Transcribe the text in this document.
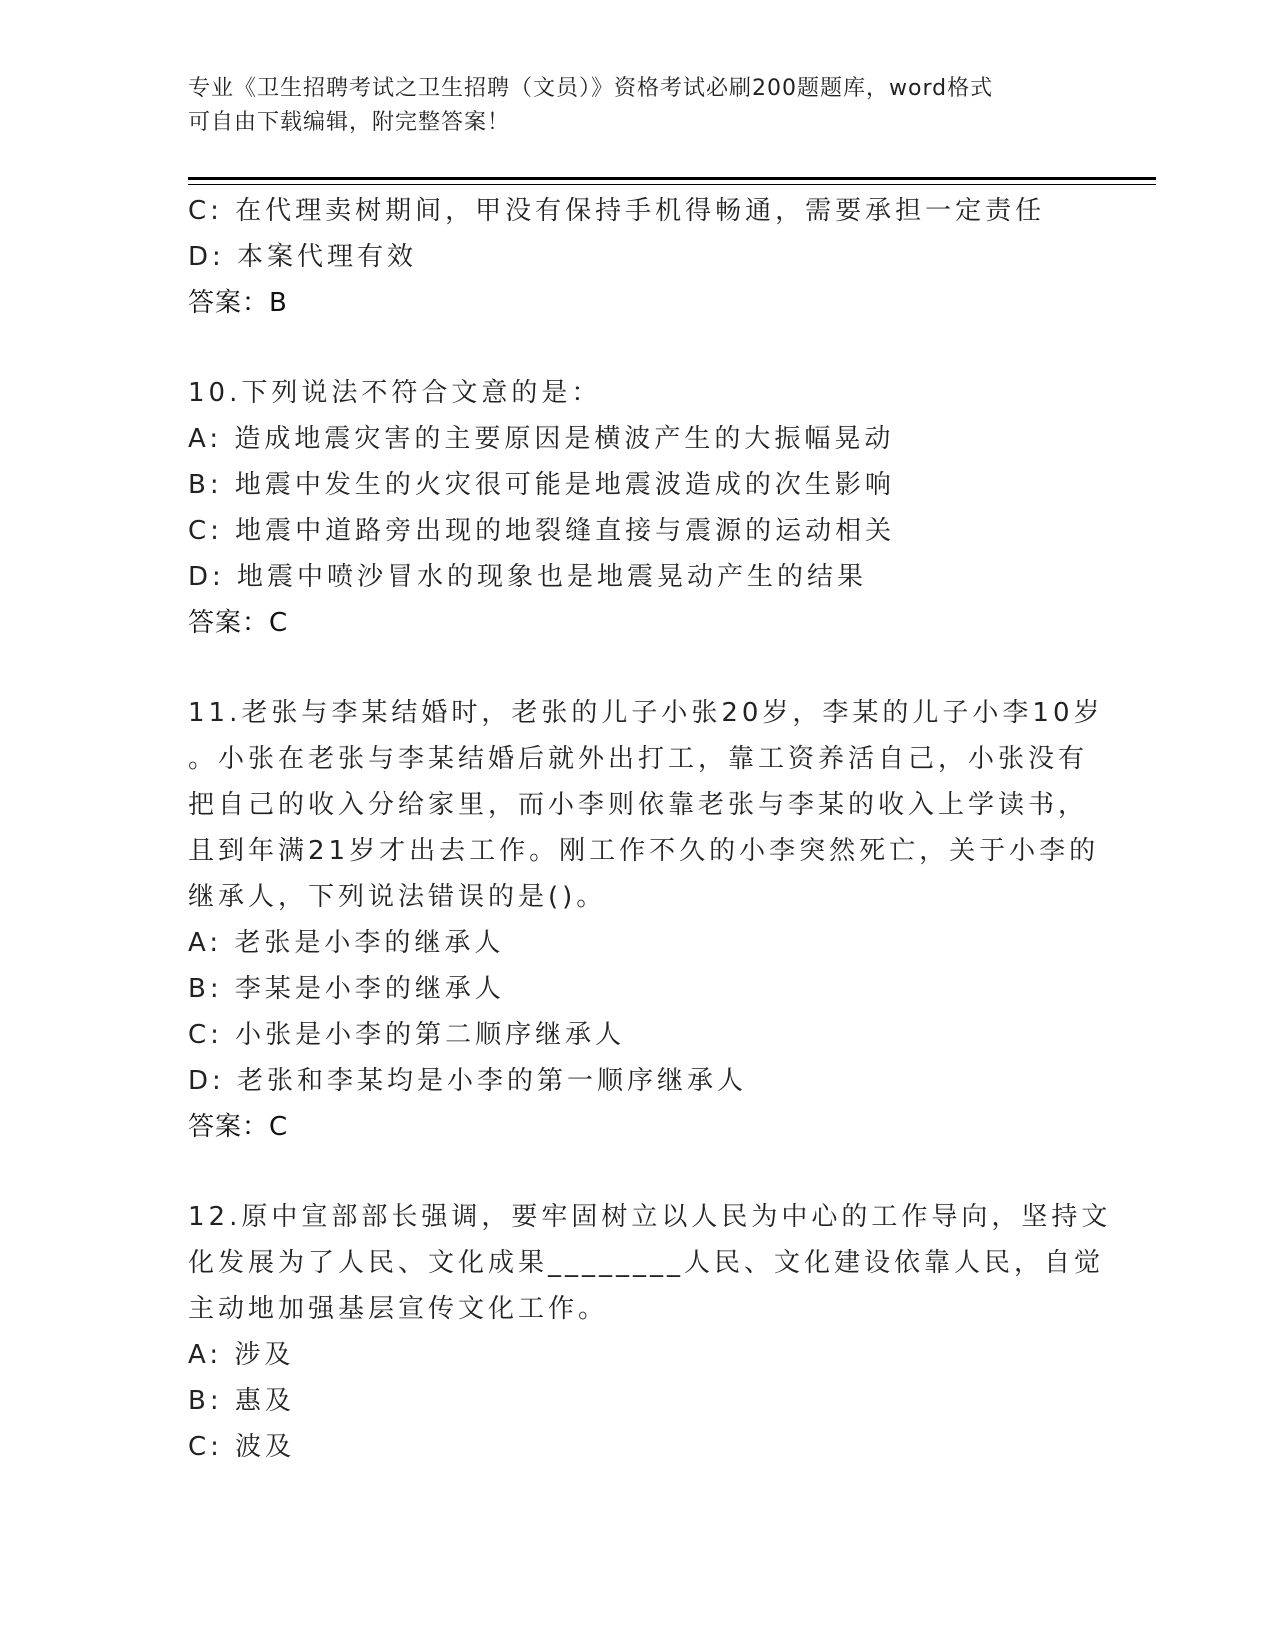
专业《卫生招聘考试之卫生招聘（文员）》资格考试必刷200题题库，word格式
可自由下载编辑，附完整答案！
C: 在代理卖树期间，甲没有保持手机得畅通，需要承担一定责任
D: 本案代理有效
答案：B
10.下列说法不符合文意的是：
A: 造成地震灾害的主要原因是横波产生的大振幅晃动
B: 地震中发生的火灾很可能是地震波造成的次生影响
C: 地震中道路旁出现的地裂缝直接与震源的运动相关
D: 地震中喷沙冒水的现象也是地震晃动产生的结果
答案：C
11.老张与李某结婚时，老张的儿子小张20岁，李某的儿子小李10岁
。小张在老张与李某结婚后就外出打工，靠工资养活自己，小张没有
把自己的收入分给家里，而小李则依靠老张与李某的收入上学读书，
且到年满21岁才出去工作。刚工作不久的小李突然死亡，关于小李的
继承人，下列说法错误的是()。
A: 老张是小李的继承人
B: 李某是小李的继承人
C: 小张是小李的第二顺序继承人
D: 老张和李某均是小李的第一顺序继承人
答案：C
12.原中宣部部长强调，要牢固树立以人民为中心的工作导向，坚持文
化发展为了人民、文化成果________人民、文化建设依靠人民，自觉
主动地加强基层宣传文化工作。
A: 涉及
B: 惠及
C: 波及
